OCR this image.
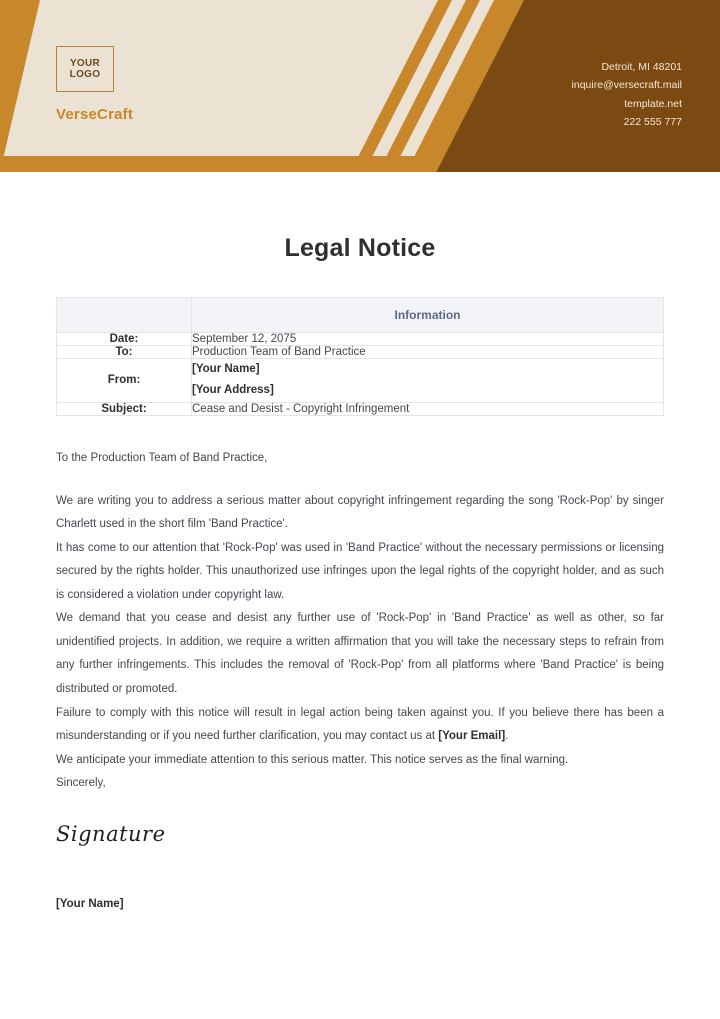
YOUR
LOGO
VerseCraft
Detroit, MI 48201
inquire@versecraft.mail
template.net
222 555 777
Legal Notice
	Information
Date:	September 12, 2075
To:	Production Team of Band Practice
From:	[Your Name]
[Your Address]

Subject:	Cease and Desist - Copyright Infringement
To the Production Team of Band Practice,

We are writing you to address a serious matter about copyright infringement regarding the song 'Rock-Pop' by singer Charlett used in the short film 'Band Practice'.

It has come to our attention that 'Rock-Pop' was used in 'Band Practice' without the necessary permissions or licensing secured by the rights holder. This unauthorized use infringes upon the legal rights of the copyright holder, and as such is considered a violation under copyright law.

We demand that you cease and desist any further use of 'Rock-Pop' in 'Band Practice' as well as other, so far unidentified projects. In addition, we require a written affirmation that you will take the necessary steps to refrain from any further infringements. This includes the removal of 'Rock-Pop' from all platforms where 'Band Practice' is being distributed or promoted.

Failure to comply with this notice will result in legal action being taken against you. If you believe there has been a misunderstanding or if you need further clarification, you may contact us at [Your Email].

We anticipate your immediate attention to this serious matter. This notice serves as the final warning.

Sincerely,

Signature
[Your Name]
